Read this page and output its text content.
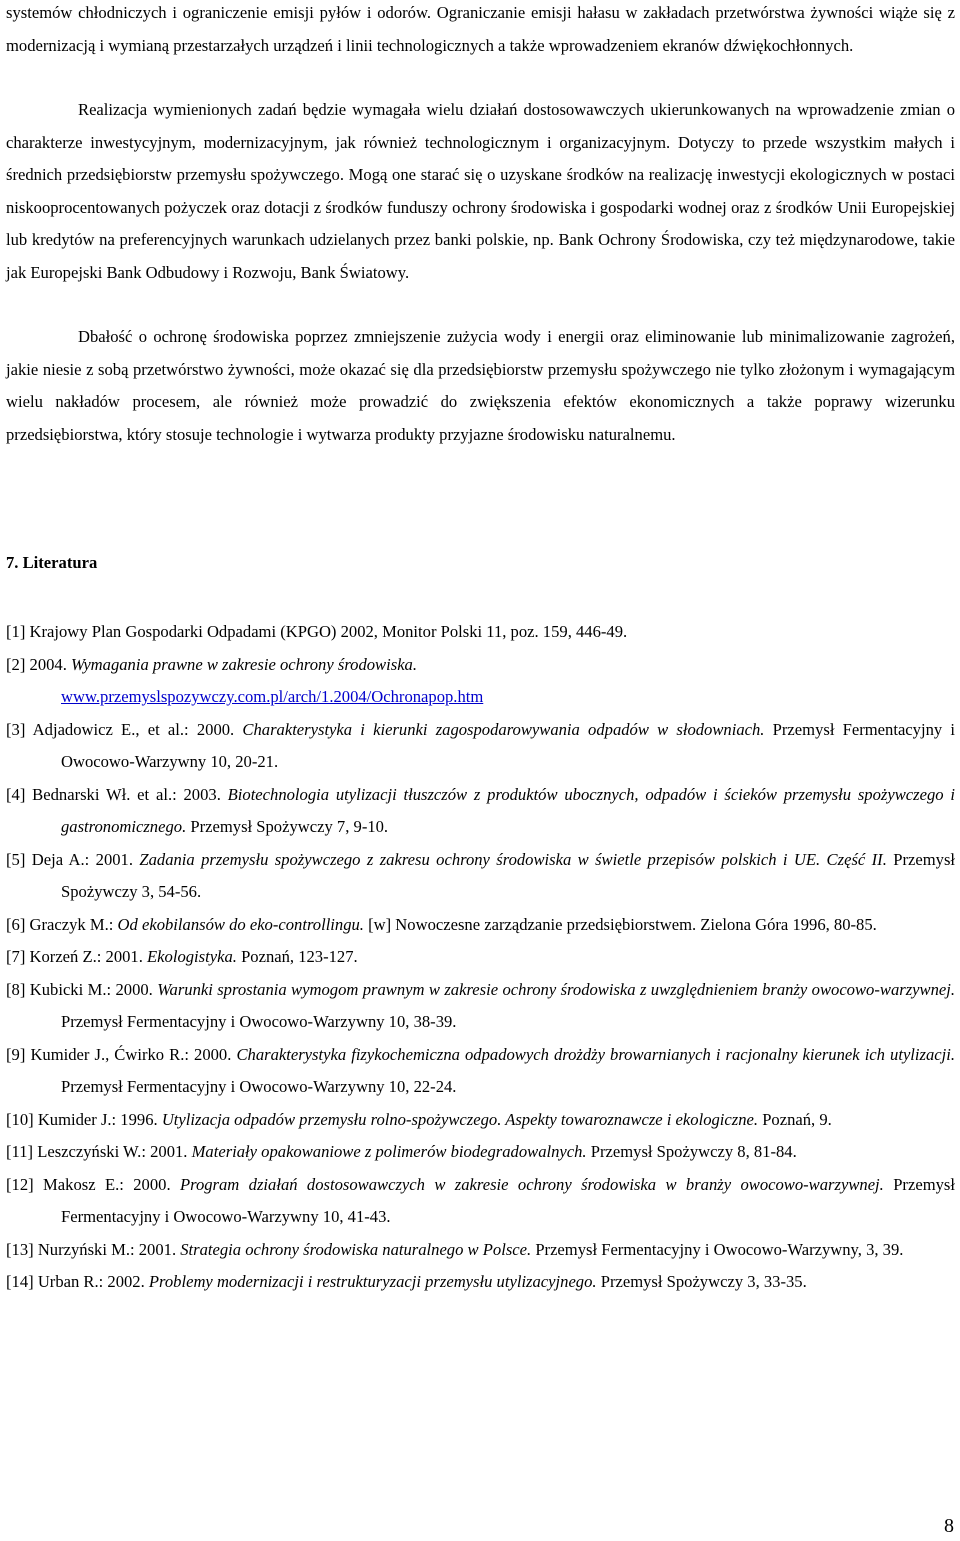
systemów chłodniczych i ograniczenie emisji pyłów i odorów. Ograniczanie emisji hałasu w zakładach przetwórstwa żywności wiąże się z modernizacją i wymianą przestarzałych urządzeń i linii technologicznych a także wprowadzeniem ekranów dźwiękochłonnych.

Realizacja wymienionych zadań będzie wymagała wielu działań dostosowawczych ukierunkowanych na wprowadzenie zmian o charakterze inwestycyjnym, modernizacyjnym, jak również technologicznym i organizacyjnym. Dotyczy to przede wszystkim małych i średnich przedsiębiorstw przemysłu spożywczego. Mogą one starać się o uzyskane środków na realizację inwestycji ekologicznych w postaci niskooprocentowanych pożyczek oraz dotacji z środków funduszy ochrony środowiska i gospodarki wodnej oraz z środków Unii Europejskiej lub kredytów na preferencyjnych warunkach udzielanych przez banki polskie, np. Bank Ochrony Środowiska, czy też międzynarodowe, takie jak Europejski Bank Odbudowy i Rozwoju, Bank Światowy.

Dbałość o ochronę środowiska poprzez zmniejszenie zużycia wody i energii oraz eliminowanie lub minimalizowanie zagrożeń, jakie niesie z sobą przetwórstwo żywności, może okazać się dla przedsiębiorstw przemysłu spożywczego nie tylko złożonym i wymagającym wielu nakładów procesem, ale również może prowadzić do zwiększenia efektów ekonomicznych a także poprawy wizerunku przedsiębiorstwa, który stosuje technologie i wytwarza produkty przyjazne środowisku naturalnemu.

7. Literatura
[1] Krajowy Plan Gospodarki Odpadami (KPGO) 2002, Monitor Polski 11, poz. 159, 446-49.
[2] 2004. Wymagania prawne w zakresie ochrony środowiska.
www.przemyslspozywczy.com.pl/arch/1.2004/Ochronapop.htm
[3] Adjadowicz E., et al.: 2000. Charakterystyka i kierunki zagospodarowywania odpadów w słodowniach. Przemysł Fermentacyjny i Owocowo-Warzywny 10, 20-21.
[4] Bednarski Wł. et al.: 2003. Biotechnologia utylizacji tłuszczów z produktów ubocznych, odpadów i ścieków przemysłu spożywczego i gastronomicznego. Przemysł Spożywczy 7, 9-10.
[5] Deja A.: 2001. Zadania przemysłu spożywczego z zakresu ochrony środowiska w świetle przepisów polskich i UE. Część II. Przemysł Spożywczy 3, 54-56.
[6] Graczyk M.: Od ekobilansów do eko-controllingu. [w] Nowoczesne zarządzanie przedsiębiorstwem. Zielona Góra 1996, 80-85.
[7] Korzeń Z.: 2001. Ekologistyka. Poznań, 123-127.
[8] Kubicki M.: 2000. Warunki sprostania wymogom prawnym w zakresie ochrony środowiska z uwzględnieniem branży owocowo-warzywnej. Przemysł Fermentacyjny i Owocowo-Warzywny 10, 38-39.
[9] Kumider J., Ćwirko R.: 2000. Charakterystyka fizykochemiczna odpadowych drożdży browarnianych i racjonalny kierunek ich utylizacji. Przemysł Fermentacyjny i Owocowo-Warzywny 10, 22-24.
[10] Kumider J.: 1996. Utylizacja odpadów przemysłu rolno-spożywczego. Aspekty towaroznawcze i ekologiczne. Poznań, 9.
[11] Leszczyński W.: 2001. Materiały opakowaniowe z polimerów biodegradowalnych. Przemysł Spożywczy 8, 81-84.
[12] Makosz E.: 2000. Program działań dostosowawczych w zakresie ochrony środowiska w branży owocowo-warzywnej. Przemysł Fermentacyjny i Owocowo-Warzywny 10, 41-43.
[13] Nurzyński M.: 2001. Strategia ochrony środowiska naturalnego w Polsce. Przemysł Fermentacyjny i Owocowo-Warzywny, 3, 39.
[14] Urban R.: 2002. Problemy modernizacji i restrukturyzacji przemysłu utylizacyjnego. Przemysł Spożywczy 3, 33-35.
8
